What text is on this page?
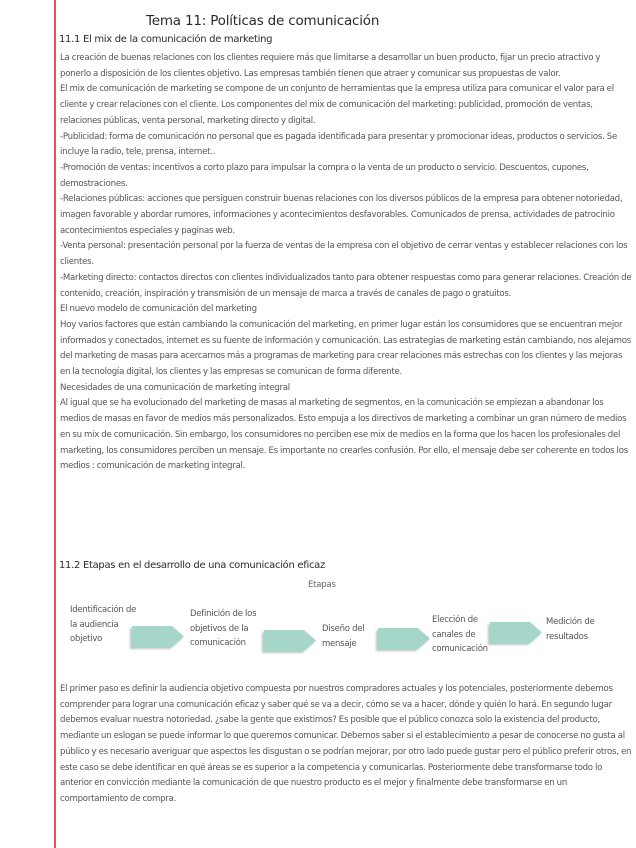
Tema 11: Políticas de comunicación
11.1 El mix de la comunicación de marketing

La creación de buenas relaciones con los clientes requiere más que limitarse a desarrollar un buen producto, fijar un precio atractivo y ponerlo a disposición de los clientes objetivo. Las empresas también tienen que atraer y comunicar sus propuestas de valor.

El mix de comunicación de marketing se compone de un conjunto de herramientas que la empresa utiliza para comunicar el valor para el cliente y crear relaciones con el cliente. Los componentes del mix de comunicación del marketing: publicidad, promoción de ventas, relaciones públicas, venta personal, marketing directo y digital.

-Publicidad: forma de comunicación no personal que es pagada identificada para presentar y promocionar ideas, productos o servicios. Se incluye la radio, tele, prensa, internet..

-Promoción de ventas: incentivos a corto plazo para impulsar la compra o la venta de un producto o servicio. Descuentos, cupones, demostraciones.

-Relaciones públicas: acciones que persiguen construir buenas relaciones con los diversos públicos de la empresa para obtener notoriedad, imagen favorable y abordar rumores, informaciones y acontecimientos desfavorables. Comunicados de prensa, actividades de patrocinio acontecimientos especiales y paginas web.

-Venta personal: presentación personal por la fuerza de ventas de la empresa con el objetivo de cerrar ventas y establecer relaciones con los clientes.

-Marketing directo: contactos directos con clientes individualizados tanto para obtener respuestas como para generar relaciones. Creación de contenido, creación, inspiración y transmisión de un mensaje de marca a través de canales de pago o gratuitos.

El nuevo modelo de comunicación del marketing

Hoy varios factores que están cambiando la comunicación del marketing, en primer lugar están los consumidores que se encuentran mejor informados y conectados, internet es su fuente de información y comunicación. Las estrategias de marketing están cambiando, nos alejamos del marketing de masas para acercarnos más a programas de marketing para crear relaciones más estrechas con los clientes y las mejoras en la tecnología digital, los clientes y las empresas se comunican de forma diferente.

Necesidades de una comunicación de marketing integral

Al igual que se ha evolucionado del marketing de masas al marketing de segmentos, en la comunicación se empiezan a abandonar los medios de masas en favor de medios más personalizados. Esto empuja a los directivos de marketing a combinar un gran número de medios en su mix de comunicación. Sin embargo, los consumidores no perciben ese mix de medios en la forma que los hacen los profesionales del marketing, los consumidores perciben un mensaje. Es importante no crearles confusión. Por ello, el mensaje debe ser coherente en todos los medios : comunicación de marketing integral.

11.2 Etapas en el desarrollo de una comunicación eficaz
Etapas
Identificación de la audiencia objetivo
Definición de los objetivos de la comunicación
Diseño del mensaje
Elección de canales de comunicación
Medición de resultados

El primer paso es definir la audiencia objetivo compuesta por nuestros compradores actuales y los potenciales, posteriormente debemos comprender para lograr una comunicación eficaz y saber qué se va a decir, cómo se va a hacer, dónde y quién lo hará. En segundo lugar debemos evaluar nuestra notoriedad. ¿sabe la gente que existimos? Es posible que el público conozca solo la existencia del producto, mediante un eslogan se puede informar lo que queremos comunicar. Debemos saber si el establecimiento a pesar de conocerse no gusta al público y es necesario averiguar que aspectos les disgustan o se podrían mejorar, por otro lado puede gustar pero el público preferir otros, en este caso se debe identificar en qué áreas se es superior a la competencia y comunicarlas. Posteriormente debe transformarse todo lo anterior en convicción mediante la comunicación de que nuestro producto es el mejor y finalmente debe transformarse en un comportamiento de compra.
